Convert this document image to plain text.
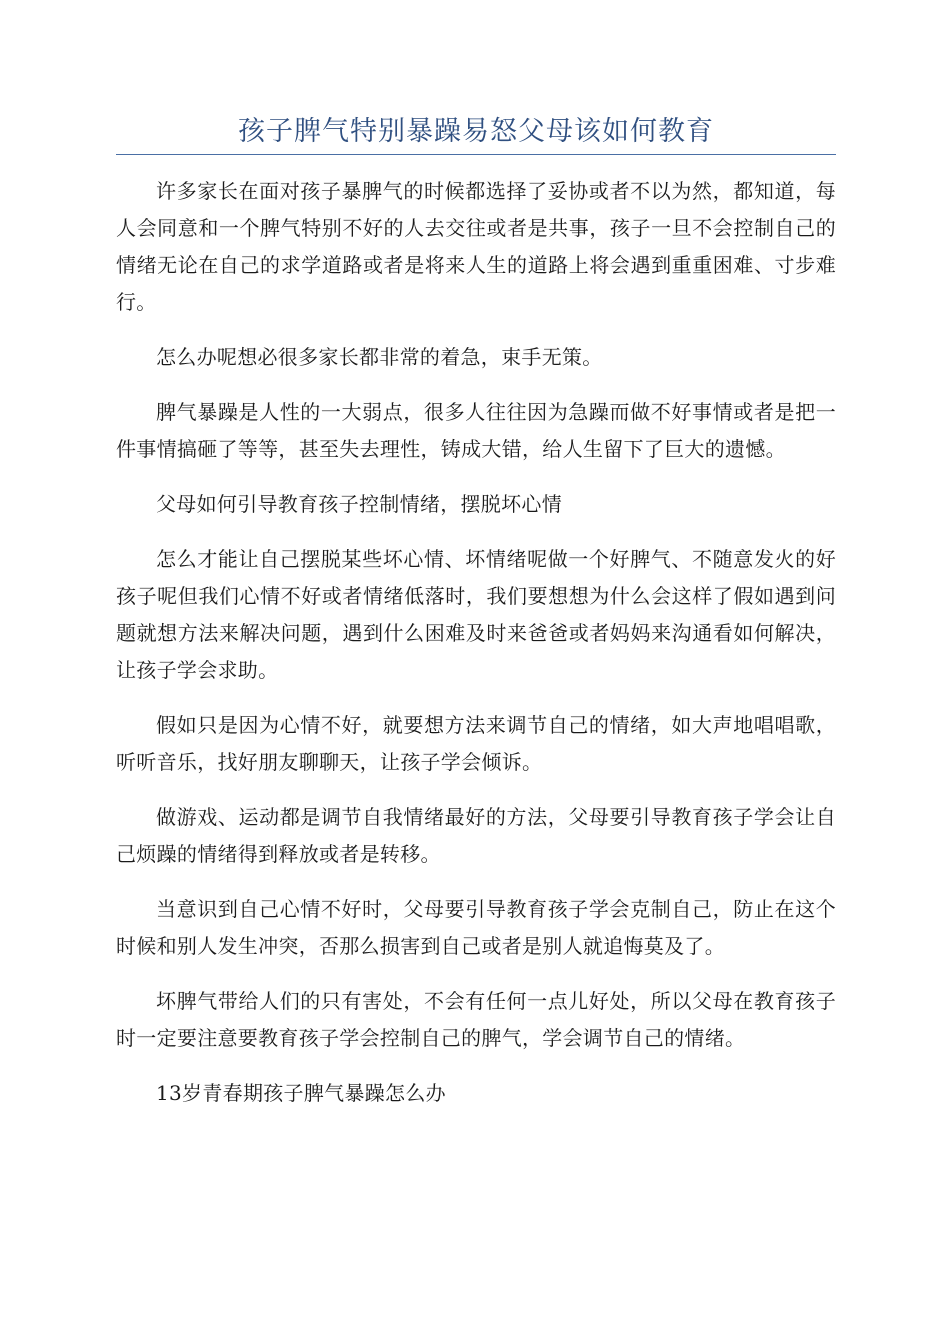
孩子脾气特别暴躁易怒父母该如何教育

许多家长在面对孩子暴脾气的时候都选择了妥协或者不以为然，都知道，每人会同意和一个脾气特别不好的人去交往或者是共事，孩子一旦不会控制自己的情绪无论在自己的求学道路或者是将来人生的道路上将会遇到重重困难、寸步难行。

怎么办呢想必很多家长都非常的着急，束手无策。

脾气暴躁是人性的一大弱点，很多人往往因为急躁而做不好事情或者是把一件事情搞砸了等等，甚至失去理性，铸成大错，给人生留下了巨大的遗憾。

父母如何引导教育孩子控制情绪，摆脱坏心情

怎么才能让自己摆脱某些坏心情、坏情绪呢做一个好脾气、不随意发火的好孩子呢但我们心情不好或者情绪低落时，我们要想想为什么会这样了假如遇到问题就想方法来解决问题，遇到什么困难及时来爸爸或者妈妈来沟通看如何解决，让孩子学会求助。

假如只是因为心情不好，就要想方法来调节自己的情绪，如大声地唱唱歌，听听音乐，找好朋友聊聊天，让孩子学会倾诉。

做游戏、运动都是调节自我情绪最好的方法，父母要引导教育孩子学会让自己烦躁的情绪得到释放或者是转移。

当意识到自己心情不好时，父母要引导教育孩子学会克制自己，防止在这个时候和别人发生冲突，否那么损害到自己或者是别人就追悔莫及了。

坏脾气带给人们的只有害处，不会有任何一点儿好处，所以父母在教育孩子时一定要注意要教育孩子学会控制自己的脾气，学会调节自己的情绪。

13岁青春期孩子脾气暴躁怎么办
